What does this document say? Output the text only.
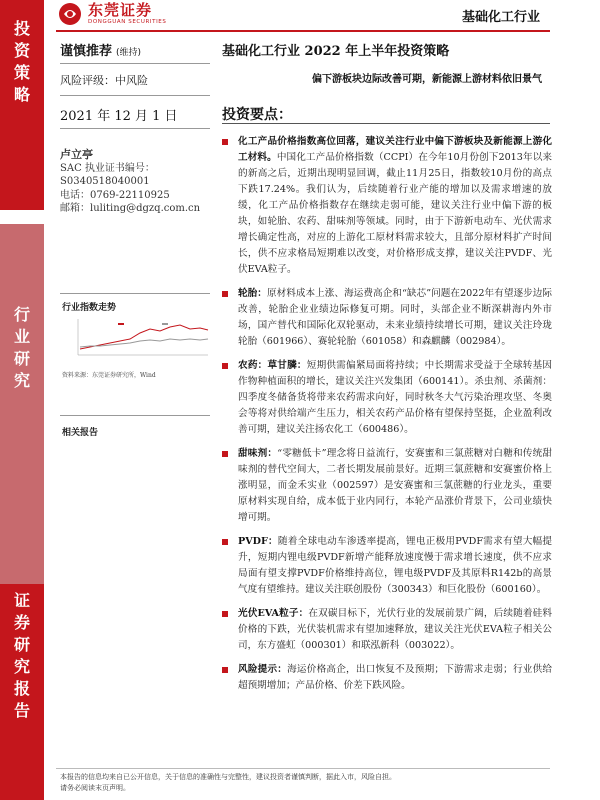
投
资
策
略
行
业
研
究
证
券
研
究
报
告
东莞证券
DONGGUAN SECURITIES	基础化工行业
谨慎推荐 (维持)
风险评级：中风险
2021 年 12 月 1 日
卢立亭
SAC 执业证书编号：
S0340518040001
电话：0769-22110925
邮箱：luliting@dgzq.com.cn
行业指数走势
资料来源：东莞证券研究所，Wind
相关报告
基础化工行业 2022 年上半年投资策略
偏下游板块边际改善可期，新能源上游材料依旧景气
投资要点：
化工产品价格指数高位回落，建议关注行业中偏下游板块及新能源上游化工材料。中国化工产品价格指数（CCPI）在今年10月份创下2013年以来的新高之后，近期出现明显回调，截止11月25日，指数较10月份的高点下跌17.24%。我们认为，后续随着行业产能的增加以及需求增速的放缓，化工产品价格指数存在继续走弱可能，建议关注行业中偏下游的板块，如轮胎、农药、甜味剂等领域。同时，由于下游新电动车、光伏需求增长确定性高，对应的上游化工原材料需求较大，且部分原材料扩产时间长，供不应求格局短期难以改变，对价格形成支撑，建议关注PVDF、光伏EVA粒子。
轮胎：原材料成本上涨、海运费高企和“缺芯”问题在2022年有望逐步边际改善，轮胎企业业绩边际修复可期。同时，头部企业不断深耕海内外市场，国产替代和国际化双轮驱动，未来业绩持续增长可期，建议关注玲珑轮胎（601966）、赛轮轮胎（601058）和森麒麟（002984）。
农药：草甘膦：短期供需偏紧局面将持续；中长期需求受益于全球转基因作物种植面积的增长，建议关注兴发集团（600141）。杀虫剂、杀菌剂：四季度冬储备货将带来农药需求向好，同时秋冬大气污染治理攻坚、冬奥会等将对供给端产生压力，相关农药产品价格有望保持坚挺，企业盈利改善可期，建议关注扬农化工（600486）。
甜味剂：“零糖低卡”理念将日益流行，安赛蜜和三氯蔗糖对白糖和传统甜味剂的替代空间大，二者长期发展前景好。近期三氯蔗糖和安赛蜜价格上涨明显，而金禾实业（002597）是安赛蜜和三氯蔗糖的行业龙头，重要原材料实现自给，成本低于业内同行，本轮产品涨价背景下，公司业绩快增可期。
PVDF：随着全球电动车渗透率提高，锂电正极用PVDF需求有望大幅提升，短期内锂电级PVDF新增产能释放速度慢于需求增长速度，供不应求局面有望支撑PVDF价格维持高位，锂电级PVDF及其原料R142b的高景气度有望维持。建议关注联创股份（300343）和巨化股份（600160）。
光伏EVA粒子：在双碳目标下，光伏行业的发展前景广阔，后续随着硅料价格的下跌，光伏装机需求有望加速释放，建议关注光伏EVA粒子相关公司，东方盛虹（000301）和联泓新科（003022）。
风险提示：海运价格高企，出口恢复不及预期；下游需求走弱；行业供给超预期增加；产品价格、价差下跌风险。
本报告的信息均来自已公开信息，关于信息的准确性与完整性，建议投资者谨慎判断，据此入市，风险自担。
请务必阅读末页声明。
